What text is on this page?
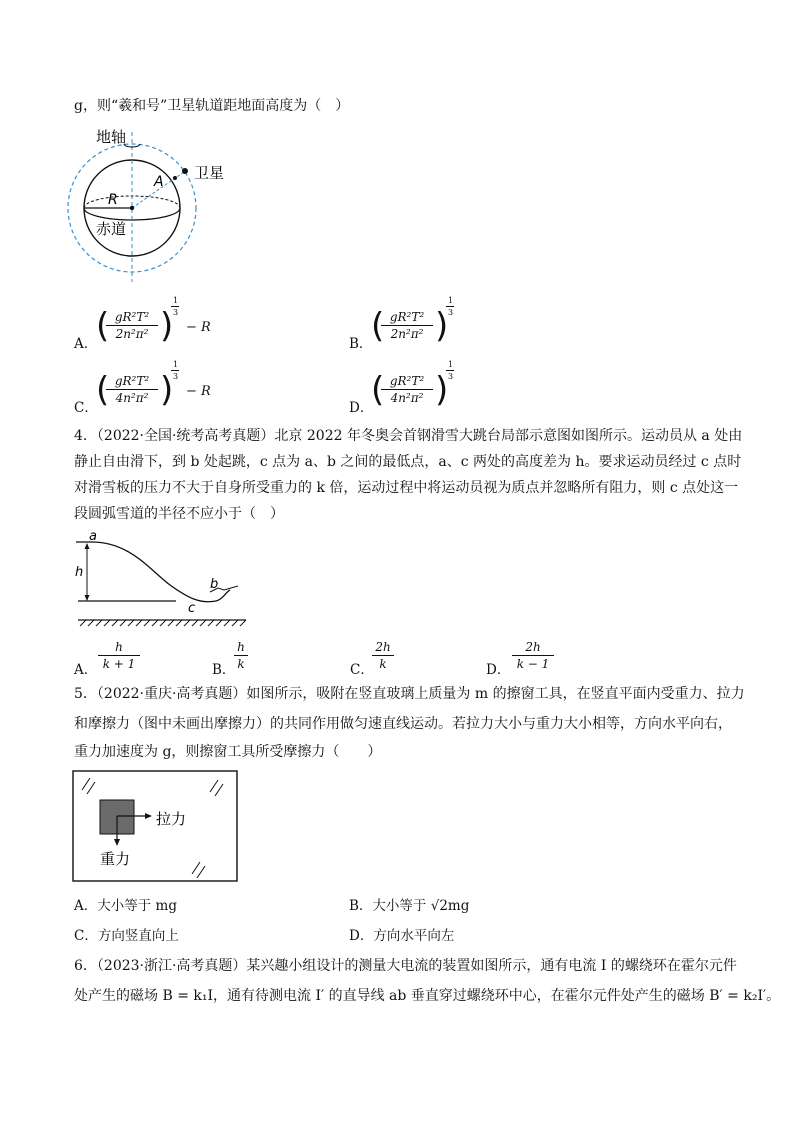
g，则“羲和号”卫星轨道距地面高度为（　）
地轴
卫星
A
R
赤道
A．
( gR²T²
2n²π² )
1
3
− R
B．
( gR²T²
2n²π² )
1
3
C．
( gR²T²
4n²π² )
1
3
− R
D．
( gR²T²
4n²π² )
1
3
4．（2022·全国·统考高考真题）北京 2022 年冬奥会首钢滑雪大跳台局部示意图如图所示。运动员从 a 处由
静止自由滑下，到 b 处起跳，c 点为 a、b 之间的最低点，a、c 两处的高度差为 h。要求运动员经过 c 点时
对滑雪板的压力不大于自身所受重力的 k 倍，运动过程中将运动员视为质点并忽略所有阻力，则 c 点处这一
段圆弧雪道的半径不应小于（　）
a
h
b
c
A．
h
k + 1	B．
h
k	C．
2h
k	D．
2h
k − 1
5．（2022·重庆·高考真题）如图所示，吸附在竖直玻璃上质量为 m 的擦窗工具，在竖直平面内受重力、拉力
和摩擦力（图中未画出摩擦力）的共同作用做匀速直线运动。若拉力大小与重力大小相等，方向水平向右，
重力加速度为 g，则擦窗工具所受摩擦力（　　）
拉力
重力
A．大小等于 mg	B．大小等于 √2mg
C．方向竖直向上	D．方向水平向左
6．（2023·浙江·高考真题）某兴趣小组设计的测量大电流的装置如图所示，通有电流 I 的螺绕环在霍尔元件
处产生的磁场 B = k₁I，通有待测电流 I′ 的直导线 ab 垂直穿过螺绕环中心，在霍尔元件处产生的磁场 B′ = k₂I′。
